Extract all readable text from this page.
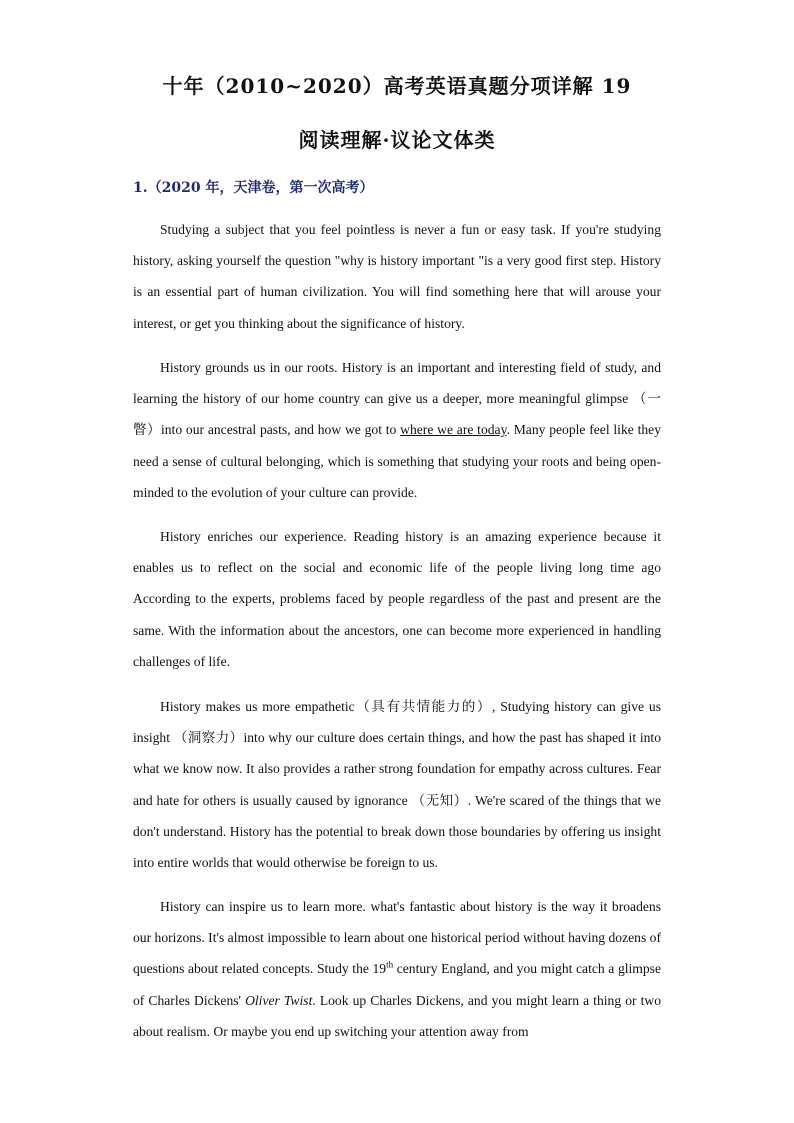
十年（2010~2020）高考英语真题分项详解 19
阅读理解·议论文体类
1.（2020 年，天津卷，第一次高考）
Studying a subject that you feel pointless is never a fun or easy task. If you're studying history, asking yourself the question "why is history important "is a very good first step. History is an essential part of human civilization. You will find something here that will arouse your interest, or get you thinking about the significance of history.
History grounds us in our roots. History is an important and interesting field of study, and learning the history of our home country can give us a deeper, more meaningful glimpse （一瞥）into our ancestral pasts, and how we got to where we are today. Many people feel like they need a sense of cultural belonging, which is something that studying your roots and being open-minded to the evolution of your culture can provide.
History enriches our experience. Reading history is an amazing experience because it enables us to reflect on the social and economic life of the people living long time ago According to the experts, problems faced by people regardless of the past and present are the same. With the information about the ancestors, one can become more experienced in handling challenges of life.
History makes us more empathetic（具有共情能力的）, Studying history can give us insight （洞察力）into why our culture does certain things, and how the past has shaped it into what we know now. It also provides a rather strong foundation for empathy across cultures. Fear and hate for others is usually caused by ignorance （无知）. We're scared of the things that we don't understand. History has the potential to break down those boundaries by offering us insight into entire worlds that would otherwise be foreign to us.
History can inspire us to learn more. what's fantastic about history is the way it broadens our horizons. It's almost impossible to learn about one historical period without having dozens of questions about related concepts. Study the 19th century England, and you might catch a glimpse of Charles Dickens' Oliver Twist. Look up Charles Dickens, and you might learn a thing or two about realism. Or maybe you end up switching your attention away from
